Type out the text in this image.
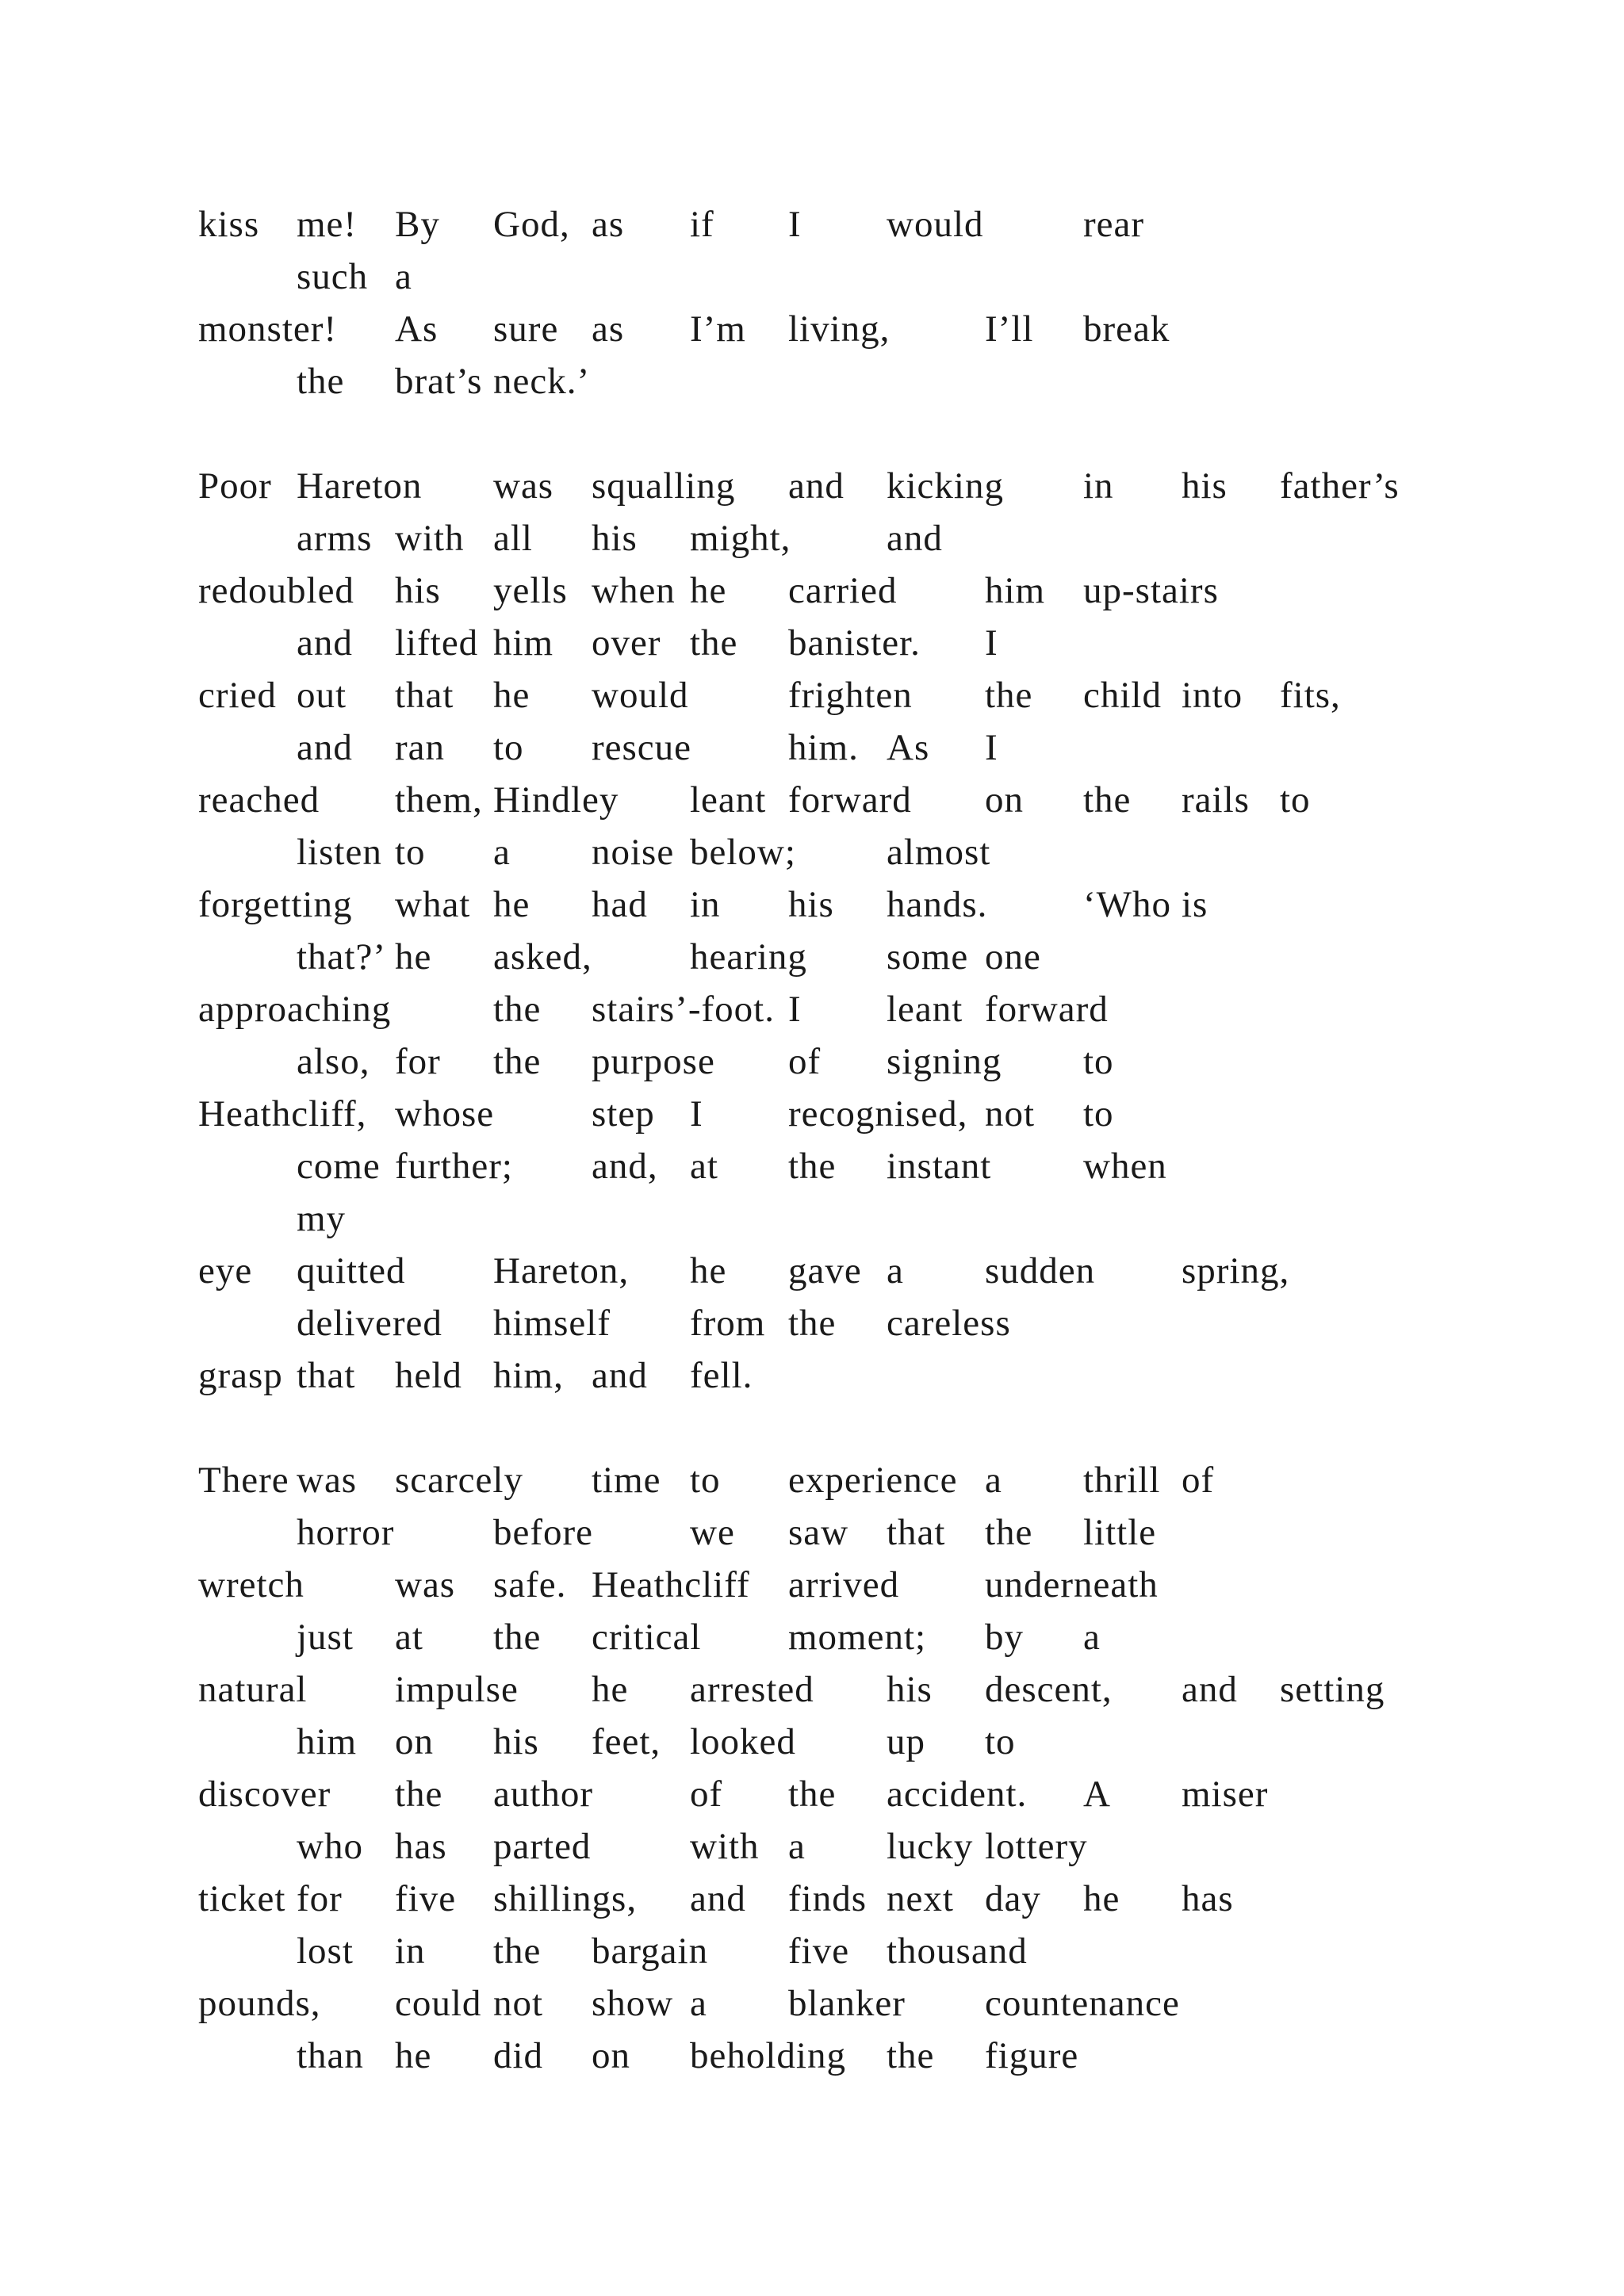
kiss me! By God, as if I would	rear
such a
monster! As sure as I’m living,	I’ll break
the brat’s neck.’
Poor Hareton was squalling and kicking in his father’s
arms with all his might,	and
redoubled his yells when he carried him up-stairs
and lifted him over the banister. I
cried out that he would	frighten the child into fits,
and ran to rescue	him. As I
reached them, Hindley leant forward on the rails to
listen to a noise below; almost
forgetting what he had in his hands.	‘Who is
that?’ he asked,	hearing some one
approaching	the stairs’-foot. I leant forward
also, for the purpose of signing to
Heathcliff, whose	step I recognised, not to
come further; and, at the instant when
my
eye quitted Hareton, he gave a sudden spring,
delivered himself from the careless
grasp that held him, and fell.
There was scarcely time to experience a thrill of
horror	before	we saw that the little
wretch was safe. Heathcliff arrived underneath
just at the critical moment; by a
natural impulse he arrested his descent, and setting
him on his feet, looked up to
discover the author	of the accident. A miser
who has parted	with a lucky lottery
ticket for five shillings, and finds next day he has
lost in the bargain five thousand
pounds, could not show a blanker countenance
than he did on beholding the figure
